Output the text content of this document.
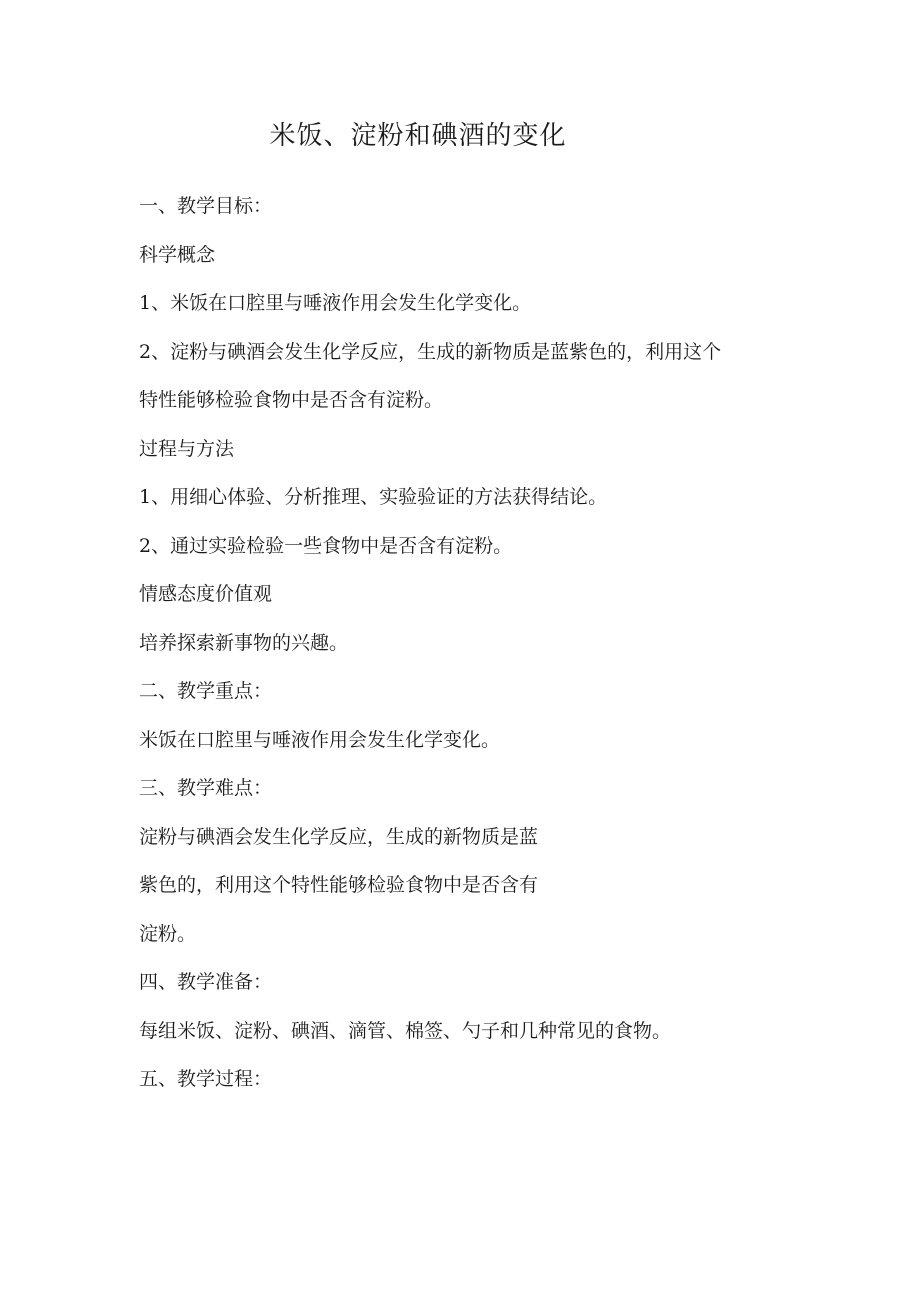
米饭、淀粉和碘酒的变化

一、教学目标：

科学概念

1、米饭在口腔里与唾液作用会发生化学变化。

2、淀粉与碘酒会发生化学反应，生成的新物质是蓝紫色的，利用这个

特性能够检验食物中是否含有淀粉。

过程与方法

1、用细心体验、分析推理、实验验证的方法获得结论。

2、通过实验检验一些食物中是否含有淀粉。

情感态度价值观

培养探索新事物的兴趣。

二、教学重点：

米饭在口腔里与唾液作用会发生化学变化。

三、教学难点：

淀粉与碘酒会发生化学反应，生成的新物质是蓝

紫色的，利用这个特性能够检验食物中是否含有

淀粉。

四、教学准备：

每组米饭、淀粉、碘酒、滴管、棉签、勺子和几种常见的食物。

五、教学过程：
